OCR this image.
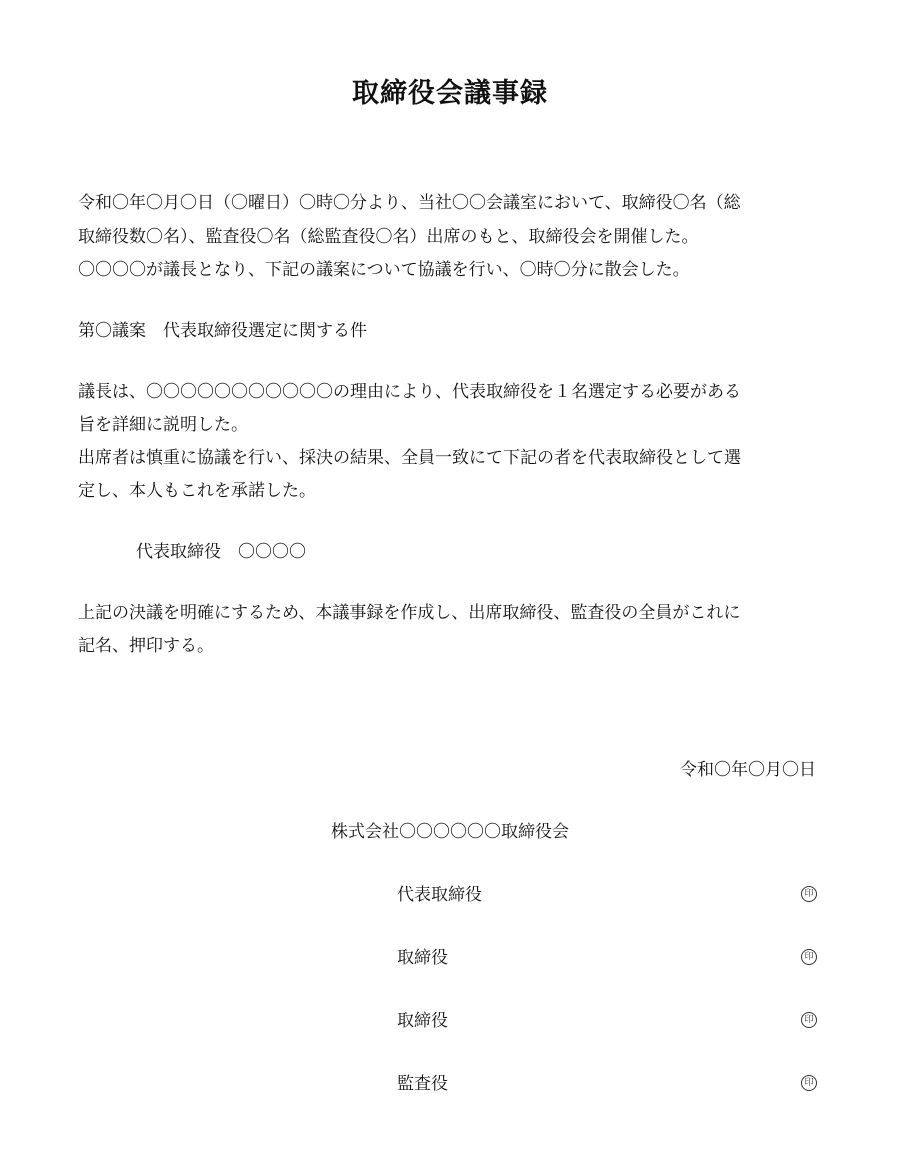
取締役会議事録
令和〇年〇月〇日（〇曜日）〇時〇分より、当社〇〇会議室において、取締役〇名（総
取締役数〇名）、監査役〇名（総監査役〇名）出席のもと、取締役会を開催した。
〇〇〇〇が議長となり、下記の議案について協議を行い、〇時〇分に散会した。
第〇議案　代表取締役選定に関する件
議長は、〇〇〇〇〇〇〇〇〇〇〇の理由により、代表取締役を１名選定する必要がある
旨を詳細に説明した。
出席者は慎重に協議を行い、採決の結果、全員一致にて下記の者を代表取締役として選
定し、本人もこれを承諾した。
代表取締役　〇〇〇〇
上記の決議を明確にするため、本議事録を作成し、出席取締役、監査役の全員がこれに
記名、押印する。
令和〇年〇月〇日
株式会社〇〇〇〇〇〇取締役会
代表取締役	印
取締役	印
取締役	印
監査役	印
